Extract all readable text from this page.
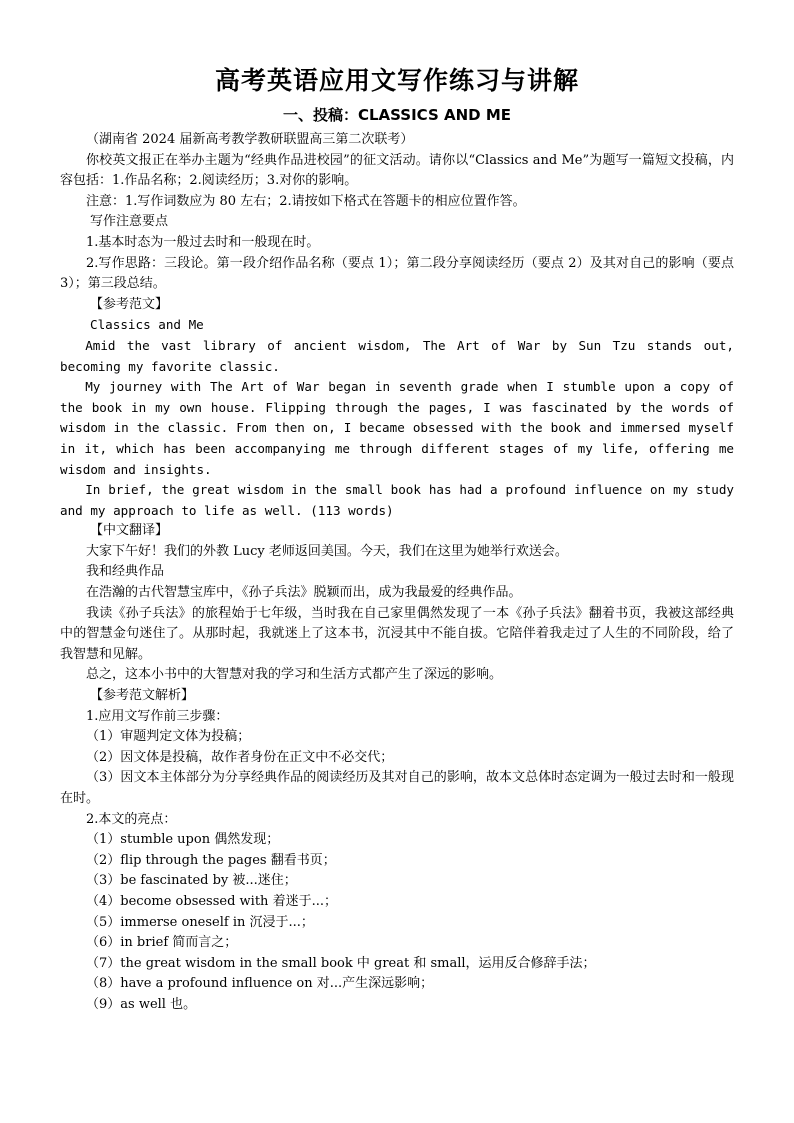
高考英语应用文写作练习与讲解
一、投稿：CLASSICS AND ME

（湖南省 2024 届新高考教学教研联盟高三第二次联考）

你校英文报正在举办主题为“经典作品进校园”的征文活动。请你以“Classics and Me”为题写一篇短文投稿，内容包括：1.作品名称；2.阅读经历；3.对你的影响。

注意：1.写作词数应为 80 左右；2.请按如下格式在答题卡的相应位置作答。

写作注意要点

1.基本时态为一般过去时和一般现在时。

2.写作思路：三段论。第一段介绍作品名称（要点 1）；第二段分享阅读经历（要点 2）及其对自己的影响（要点 3）；第三段总结。

【参考范文】

Classics and Me

Amid the vast library of ancient wisdom, The Art of War by Sun Tzu stands out, becoming my favorite classic.

My journey with The Art of War began in seventh grade when I stumble upon a copy of the book in my own house. Flipping through the pages, I was fascinated by the words of wisdom in the classic. From then on, I became obsessed with the book and immersed myself in it, which has been accompanying me through different stages of my life, offering me wisdom and insights.

In brief, the great wisdom in the small book has had a profound influence on my study and my approach to life as well. (113 words)

【中文翻译】

大家下午好！我们的外教 Lucy 老师返回美国。今天，我们在这里为她举行欢送会。

我和经典作品

在浩瀚的古代智慧宝库中，《孙子兵法》脱颖而出，成为我最爱的经典作品。

我读《孙子兵法》的旅程始于七年级，当时我在自己家里偶然发现了一本《孙子兵法》翻着书页，我被这部经典中的智慧金句迷住了。从那时起，我就迷上了这本书，沉浸其中不能自拔。它陪伴着我走过了人生的不同阶段，给了我智慧和见解。

总之，这本小书中的大智慧对我的学习和生活方式都产生了深远的影响。

【参考范文解析】

1.应用文写作前三步骤：

（1）审题判定文体为投稿；

（2）因文体是投稿，故作者身份在正文中不必交代；

（3）因文本主体部分为分享经典作品的阅读经历及其对自己的影响，故本文总体时态定调为一般过去时和一般现在时。

2.本文的亮点：

（1）stumble upon 偶然发现；

（2）flip through the pages 翻看书页；

（3）be fascinated by 被...迷住；

（4）become obsessed with 着迷于...；

（5）immerse oneself in 沉浸于...；

（6）in brief 简而言之；

（7）the great wisdom in the small book 中 great 和 small，运用反合修辞手法；

（8）have a profound influence on 对...产生深远影响；

（9）as well 也。
